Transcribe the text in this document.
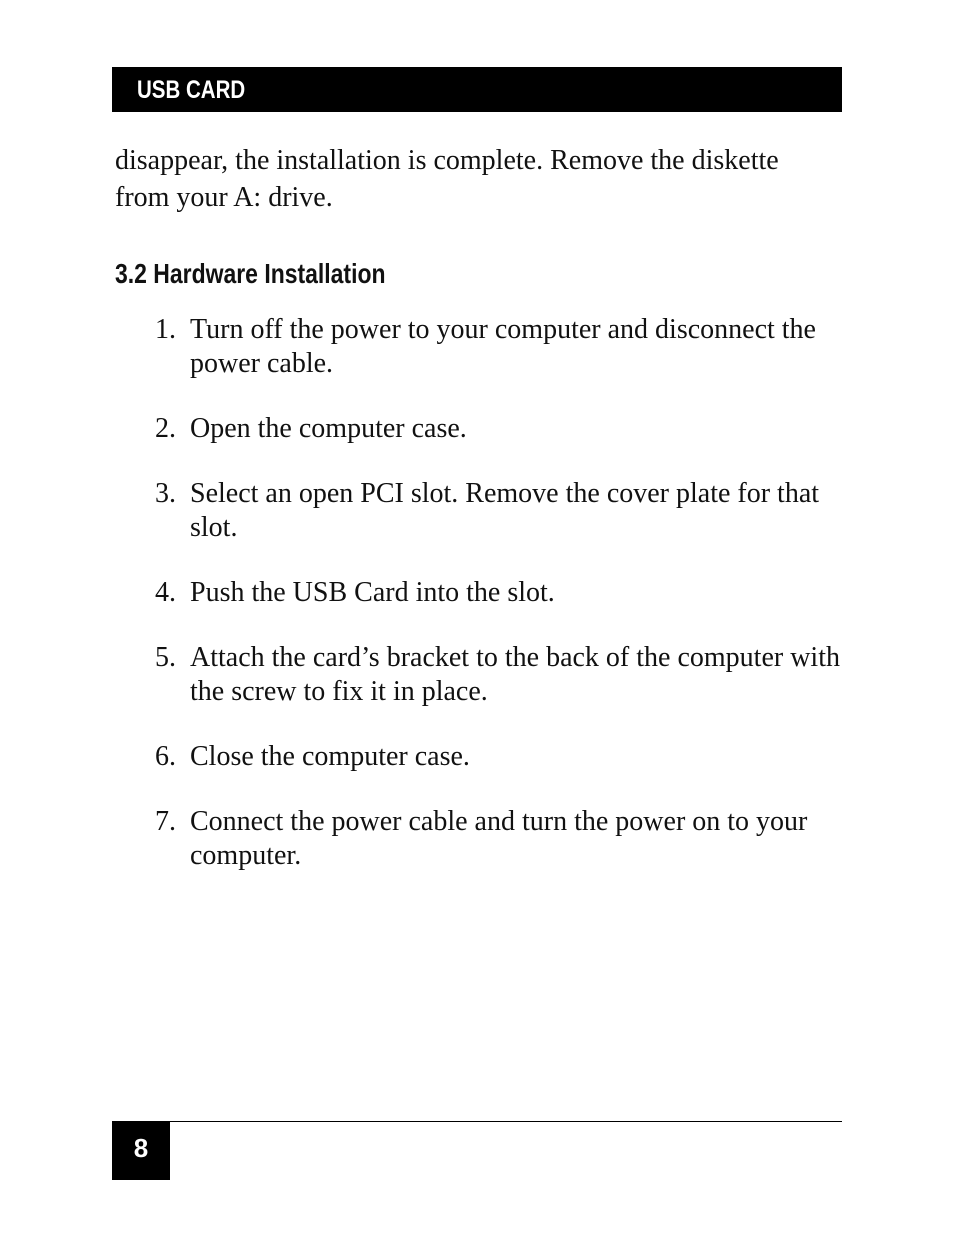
USB CARD

disappear, the installation is complete. Remove the diskette from your A: drive.

3.2 Hardware Installation
1. Turn off the power to your computer and disconnect the power cable.
2. Open the computer case.
3. Select an open PCI slot. Remove the cover plate for that slot.
4. Push the USB Card into the slot.
5. Attach the card’s bracket to the back of the computer with the screw to fix it in place.
6. Close the computer case.
7. Connect the power cable and turn the power on to your computer.
8
